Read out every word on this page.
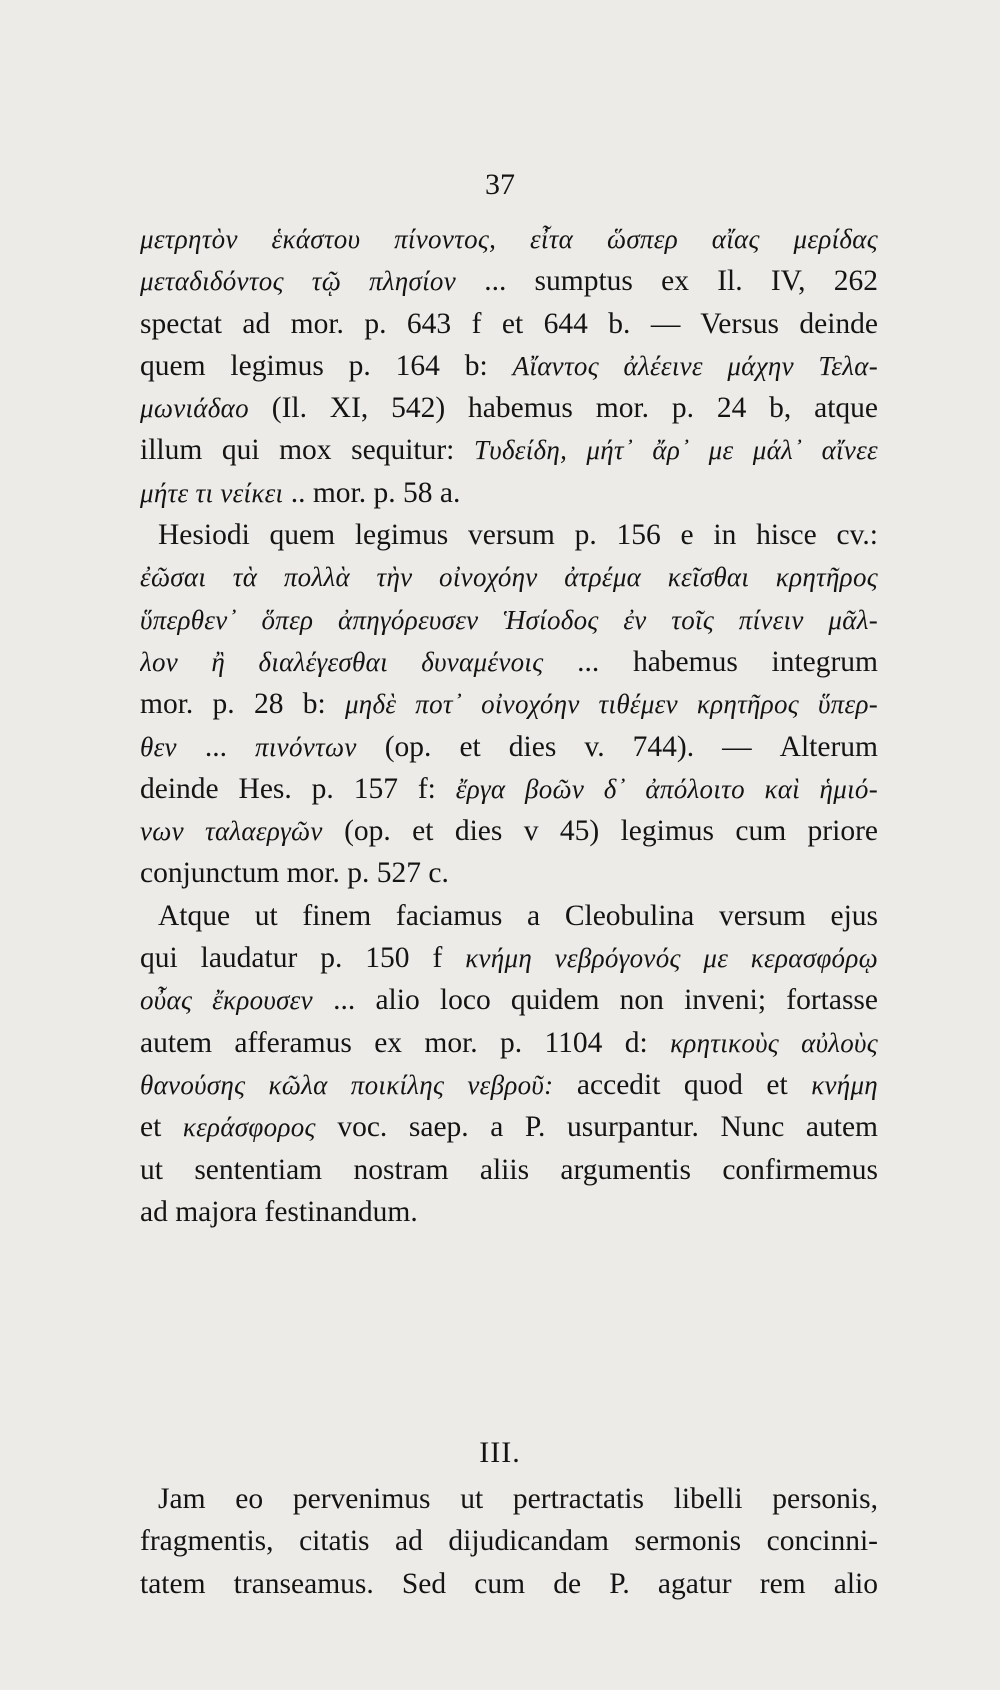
37
μετρητὸν ἑκάστου πίνοντος, εἶτα ὥσπερ αἴας μερίδας
μεταδιδόντος τῷ πλησίον ... sumptus ex Il. IV, 262
spectat ad mor. p. 643 f et 644 b. — Versus deinde
quem legimus p. 164 b: Αἴαντος ἀλέεινε μάχην Τελα-
μωνιάδαο (Il. XI, 542) habemus mor. p. 24 b, atque
illum qui mox sequitur: Τυδείδη, μήτ᾽ ἄρ᾽ με μάλ᾽ αἴνεε
μήτε τι νείκει .. mor. p. 58 a.
Hesiodi quem legimus versum p. 156 e in hisce cv.:
ἐῶσαι τὰ πολλὰ τὴν οἰνοχόην ἀτρέμα κεῖσθαι κρητῆρος
ὕπερθεν᾽ ὅπερ ἀπηγόρευσεν Ἡσίοδος ἐν τοῖς πίνειν μᾶλ-
λον ἢ διαλέγεσθαι δυναμένοις ... habemus integrum
mor. p. 28 b: μηδὲ ποτ᾽ οἰνοχόην τιθέμεν κρητῆρος ὕπερ-
θεν ... πινόντων (op. et dies v. 744). — Alterum
deinde Hes. p. 157 f: ἔργα βοῶν δ᾽ ἀπόλοιτο καὶ ἡμιό-
νων ταλαεργῶν (op. et dies v 45) legimus cum priore
conjunctum mor. p. 527 c.
Atque ut finem faciamus a Cleobulina versum ejus
qui laudatur p. 150 f κνήμη νεβρόγονός με κερασφόρῳ
οὖας ἔκρουσεν ... alio loco quidem non inveni; fortasse
autem afferamus ex mor. p. 1104 d: κρητικοὺς αὐλοὺς
θανούσης κῶλα ποικίλης νεβροῦ: accedit quod et κνήμη
et κεράσφορος voc. saep. a P. usurpantur. Nunc autem
ut sententiam nostram aliis argumentis confirmemus
ad majora festinandum.
III.
Jam eo pervenimus ut pertractatis libelli personis,
fragmentis, citatis ad dijudicandam sermonis concinni-
tatem transeamus. Sed cum de P. agatur rem alio
